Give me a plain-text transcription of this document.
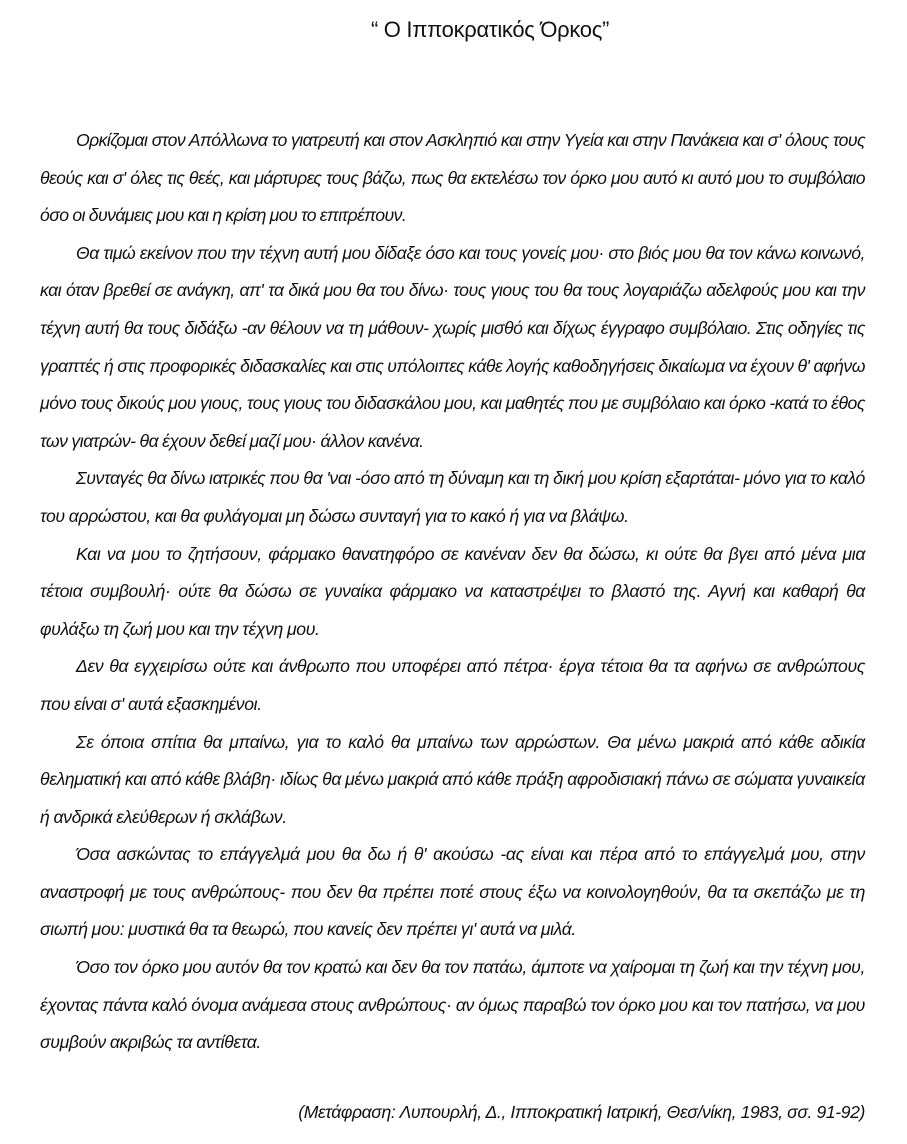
“ Ο Ιπποκρατικός Όρκος”

Ορκίζομαι στον Απόλλωνα το γιατρευτή και στον Ασκληπιό και στην Υγεία και στην Πανάκεια και σ' όλους τους θεούς και σ' όλες τις θεές, και μάρτυρες τους βάζω, πως θα εκτελέσω τον όρκο μου αυτό κι αυτό μου το συμβόλαιο όσο οι δυνάμεις μου και η κρίση μου το επιτρέπουν.

Θα τιμώ εκείνον που την τέχνη αυτή μου δίδαξε όσο και τους γονείς μου· στο βιός μου θα τον κάνω κοινωνό, και όταν βρεθεί σε ανάγκη, απ' τα δικά μου θα του δίνω· τους γιους του θα τους λογαριάζω αδελφούς μου και την τέχνη αυτή θα τους διδάξω -αν θέλουν να τη μάθουν- χωρίς μισθό και δίχως έγγραφο συμβόλαιο. Στις οδηγίες τις γραπτές ή στις προφορικές διδασκαλίες και στις υπόλοιπες κάθε λογής καθοδηγήσεις δικαίωμα να έχουν θ' αφήνω μόνο τους δικούς μου γιους, τους γιους του διδασκάλου μου, και μαθητές που με συμβόλαιο και όρκο -κατά το έθος των γιατρών- θα έχουν δεθεί μαζί μου· άλλον κανένα.

Συνταγές θα δίνω ιατρικές που θα 'ναι -όσο από τη δύναμη και τη δική μου κρίση εξαρτάται- μόνο για το καλό του αρρώστου, και θα φυλάγομαι μη δώσω συνταγή για το κακό ή για να βλάψω.

Και να μου το ζητήσουν, φάρμακο θανατηφόρο σε κανέναν δεν θα δώσω, κι ούτε θα βγει από μένα μια τέτοια συμβουλή· ούτε θα δώσω σε γυναίκα φάρμακο να καταστρέψει το βλαστό της. Αγνή και καθαρή θα φυλάξω τη ζωή μου και την τέχνη μου.

Δεν θα εγχειρίσω ούτε και άνθρωπο που υποφέρει από πέτρα· έργα τέτοια θα τα αφήνω σε ανθρώπους που είναι σ' αυτά εξασκημένοι.

Σε όποια σπίτια θα μπαίνω, για το καλό θα μπαίνω των αρρώστων. Θα μένω μακριά από κάθε αδικία θεληματική και από κάθε βλάβη· ιδίως θα μένω μακριά από κάθε πράξη αφροδισιακή πάνω σε σώματα γυναικεία ή ανδρικά ελεύθερων ή σκλάβων.

Όσα ασκώντας το επάγγελμά μου θα δω ή θ' ακούσω -ας είναι και πέρα από το επάγγελμά μου, στην αναστροφή με τους ανθρώπους- που δεν θα πρέπει ποτέ στους έξω να κοινολογηθούν, θα τα σκεπάζω με τη σιωπή μου: μυστικά θα τα θεωρώ, που κανείς δεν πρέπει γι' αυτά να μιλά.

Όσο τον όρκο μου αυτόν θα τον κρατώ και δεν θα τον πατάω, άμποτε να χαίρομαι τη ζωή και την τέχνη μου, έχοντας πάντα καλό όνομα ανάμεσα στους ανθρώπους· αν όμως παραβώ τον όρκο μου και τον πατήσω, να μου συμβούν ακριβώς τα αντίθετα.

(Μετάφραση: Λυπουρλή, Δ., Ιπποκρατική Ιατρική, Θεσ/νίκη, 1983, σσ. 91-92)
